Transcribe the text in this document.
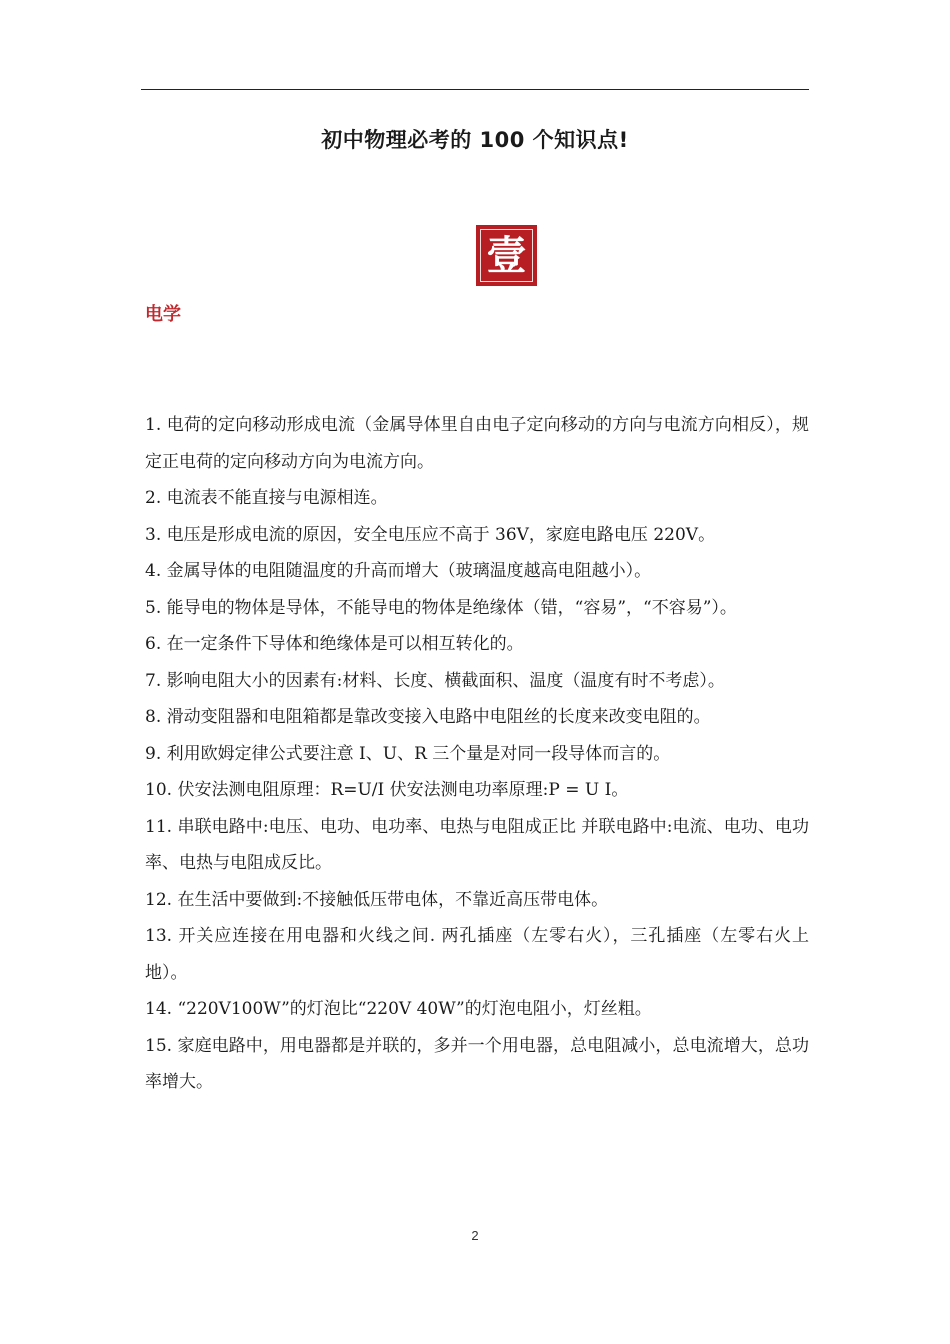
初中物理必考的 100 个知识点!
壹
电学
1. 电荷的定向移动形成电流（金属导体里自由电子定向移动的方向与电流方向相反），规定正电荷的定向移动方向为电流方向。
2. 电流表不能直接与电源相连。
3. 电压是形成电流的原因，安全电压应不高于 36V，家庭电路电压 220V。
4. 金属导体的电阻随温度的升高而增大（玻璃温度越高电阻越小）。
5. 能导电的物体是导体，不能导电的物体是绝缘体（错，“容易”，“不容易”）。
6. 在一定条件下导体和绝缘体是可以相互转化的。
7. 影响电阻大小的因素有:材料、长度、横截面积、温度（温度有时不考虑）。
8. 滑动变阻器和电阻箱都是靠改变接入电路中电阻丝的长度来改变电阻的。
9. 利用欧姆定律公式要注意 I、U、R 三个量是对同一段导体而言的。
10. 伏安法测电阻原理：R=U/I 伏安法测电功率原理:P = U I。
11. 串联电路中:电压、电功、电功率、电热与电阻成正比 并联电路中:电流、电功、电功率、电热与电阻成反比。
12. 在生活中要做到:不接触低压带电体，不靠近高压带电体。
13. 开关应连接在用电器和火线之间. 两孔插座（左零右火），三孔插座（左零右火上地）。
14. “220V100W”的灯泡比“220V 40W”的灯泡电阻小，灯丝粗。
15. 家庭电路中，用电器都是并联的，多并一个用电器，总电阻减小，总电流增大，总功率增大。
2
